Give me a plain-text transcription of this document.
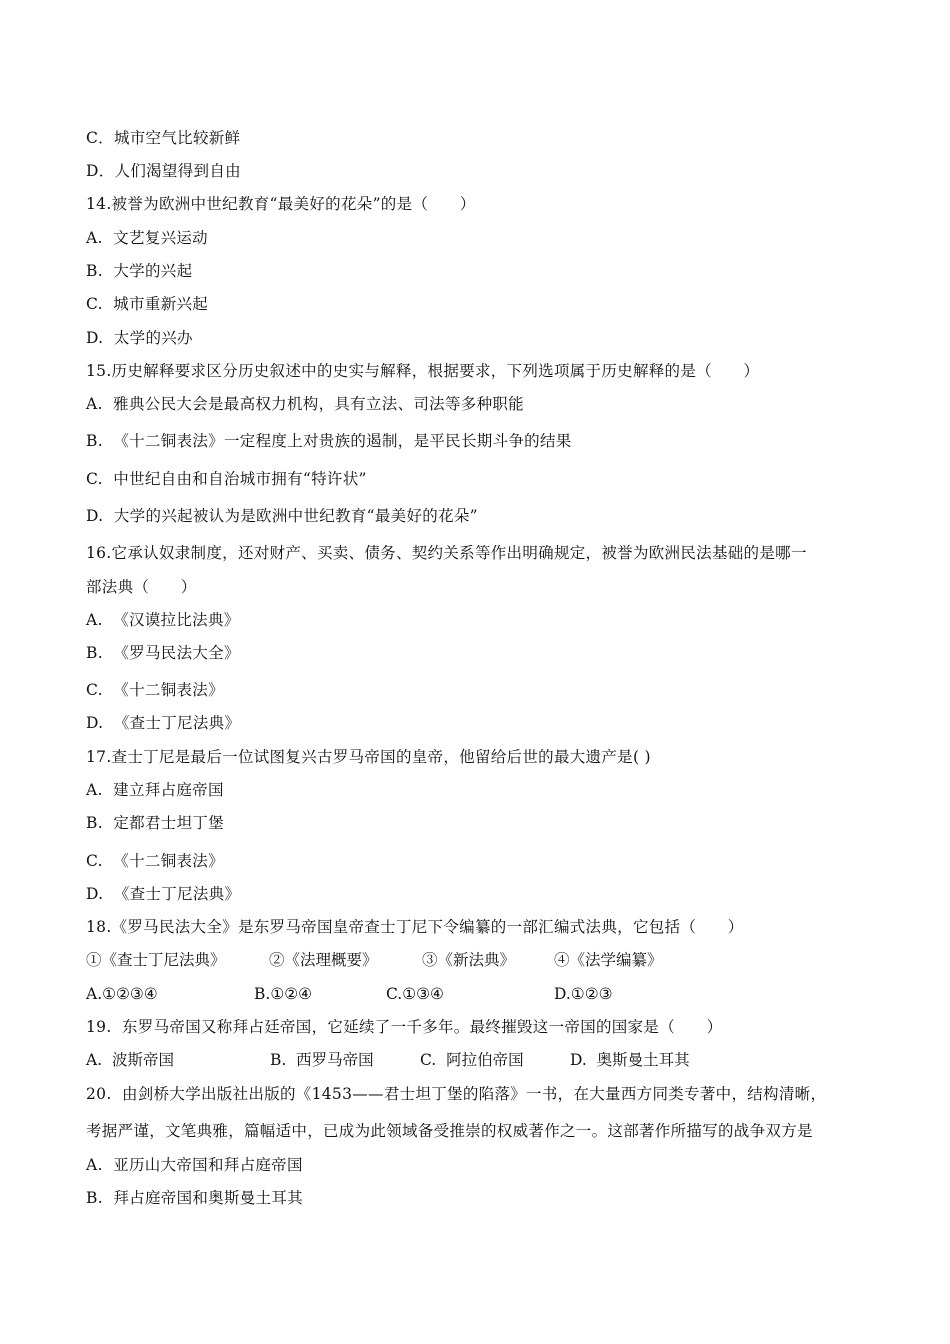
C．城市空气比较新鲜
D．人们渴望得到自由
14.被誉为欧洲中世纪教育“最美好的花朵”的是（　　）
A.  文艺复兴运动
B.  大学的兴起
C.  城市重新兴起
D.  太学的兴办
15.历史解释要求区分历史叙述中的史实与解释，根据要求，下列选项属于历史解释的是（　　）
A.  雅典公民大会是最高权力机构，具有立法、司法等多种职能
B.  《十二铜表法》一定程度上对贵族的遏制，是平民长期斗争的结果
C.  中世纪自由和自治城市拥有“特许状”
D.  大学的兴起被认为是欧洲中世纪教育“最美好的花朵”
16.它承认奴隶制度，还对财产、买卖、债务、契约关系等作出明确规定，被誉为欧洲民法基础的是哪一
部法典（　　）
A.  《汉谟拉比法典》
B.  《罗马民法大全》
C.  《十二铜表法》
D.  《查士丁尼法典》
17.查士丁尼是最后一位试图复兴古罗马帝国的皇帝，他留给后世的最大遗产是( )
A.  建立拜占庭帝国
B.  定都君士坦丁堡
C.  《十二铜表法》
D.  《查士丁尼法典》
18.《罗马民法大全》是东罗马帝国皇帝查士丁尼下令编纂的一部汇编式法典，它包括（　　）

①《查士丁尼法典》

	②《法理概要》

	③《新法典》

	④《法学编纂》

A.①②③④

	B.①②④

	C.①③④

	D.①②③

19.  东罗马帝国又称拜占廷帝国，它延续了一千多年。最终摧毁这一帝国的国家是（　　）

A.  波斯帝国

	B.  西罗马帝国

	C.  阿拉伯帝国

	D.  奥斯曼土耳其

20.  由剑桥大学出版社出版的《1453——君士坦丁堡的陷落》一书，在大量西方同类专著中，结构清晰，
考据严谨，文笔典雅，篇幅适中，已成为此领域备受推崇的权威著作之一。这部著作所描写的战争双方是
A.  亚历山大帝国和拜占庭帝国
B.  拜占庭帝国和奥斯曼土耳其
